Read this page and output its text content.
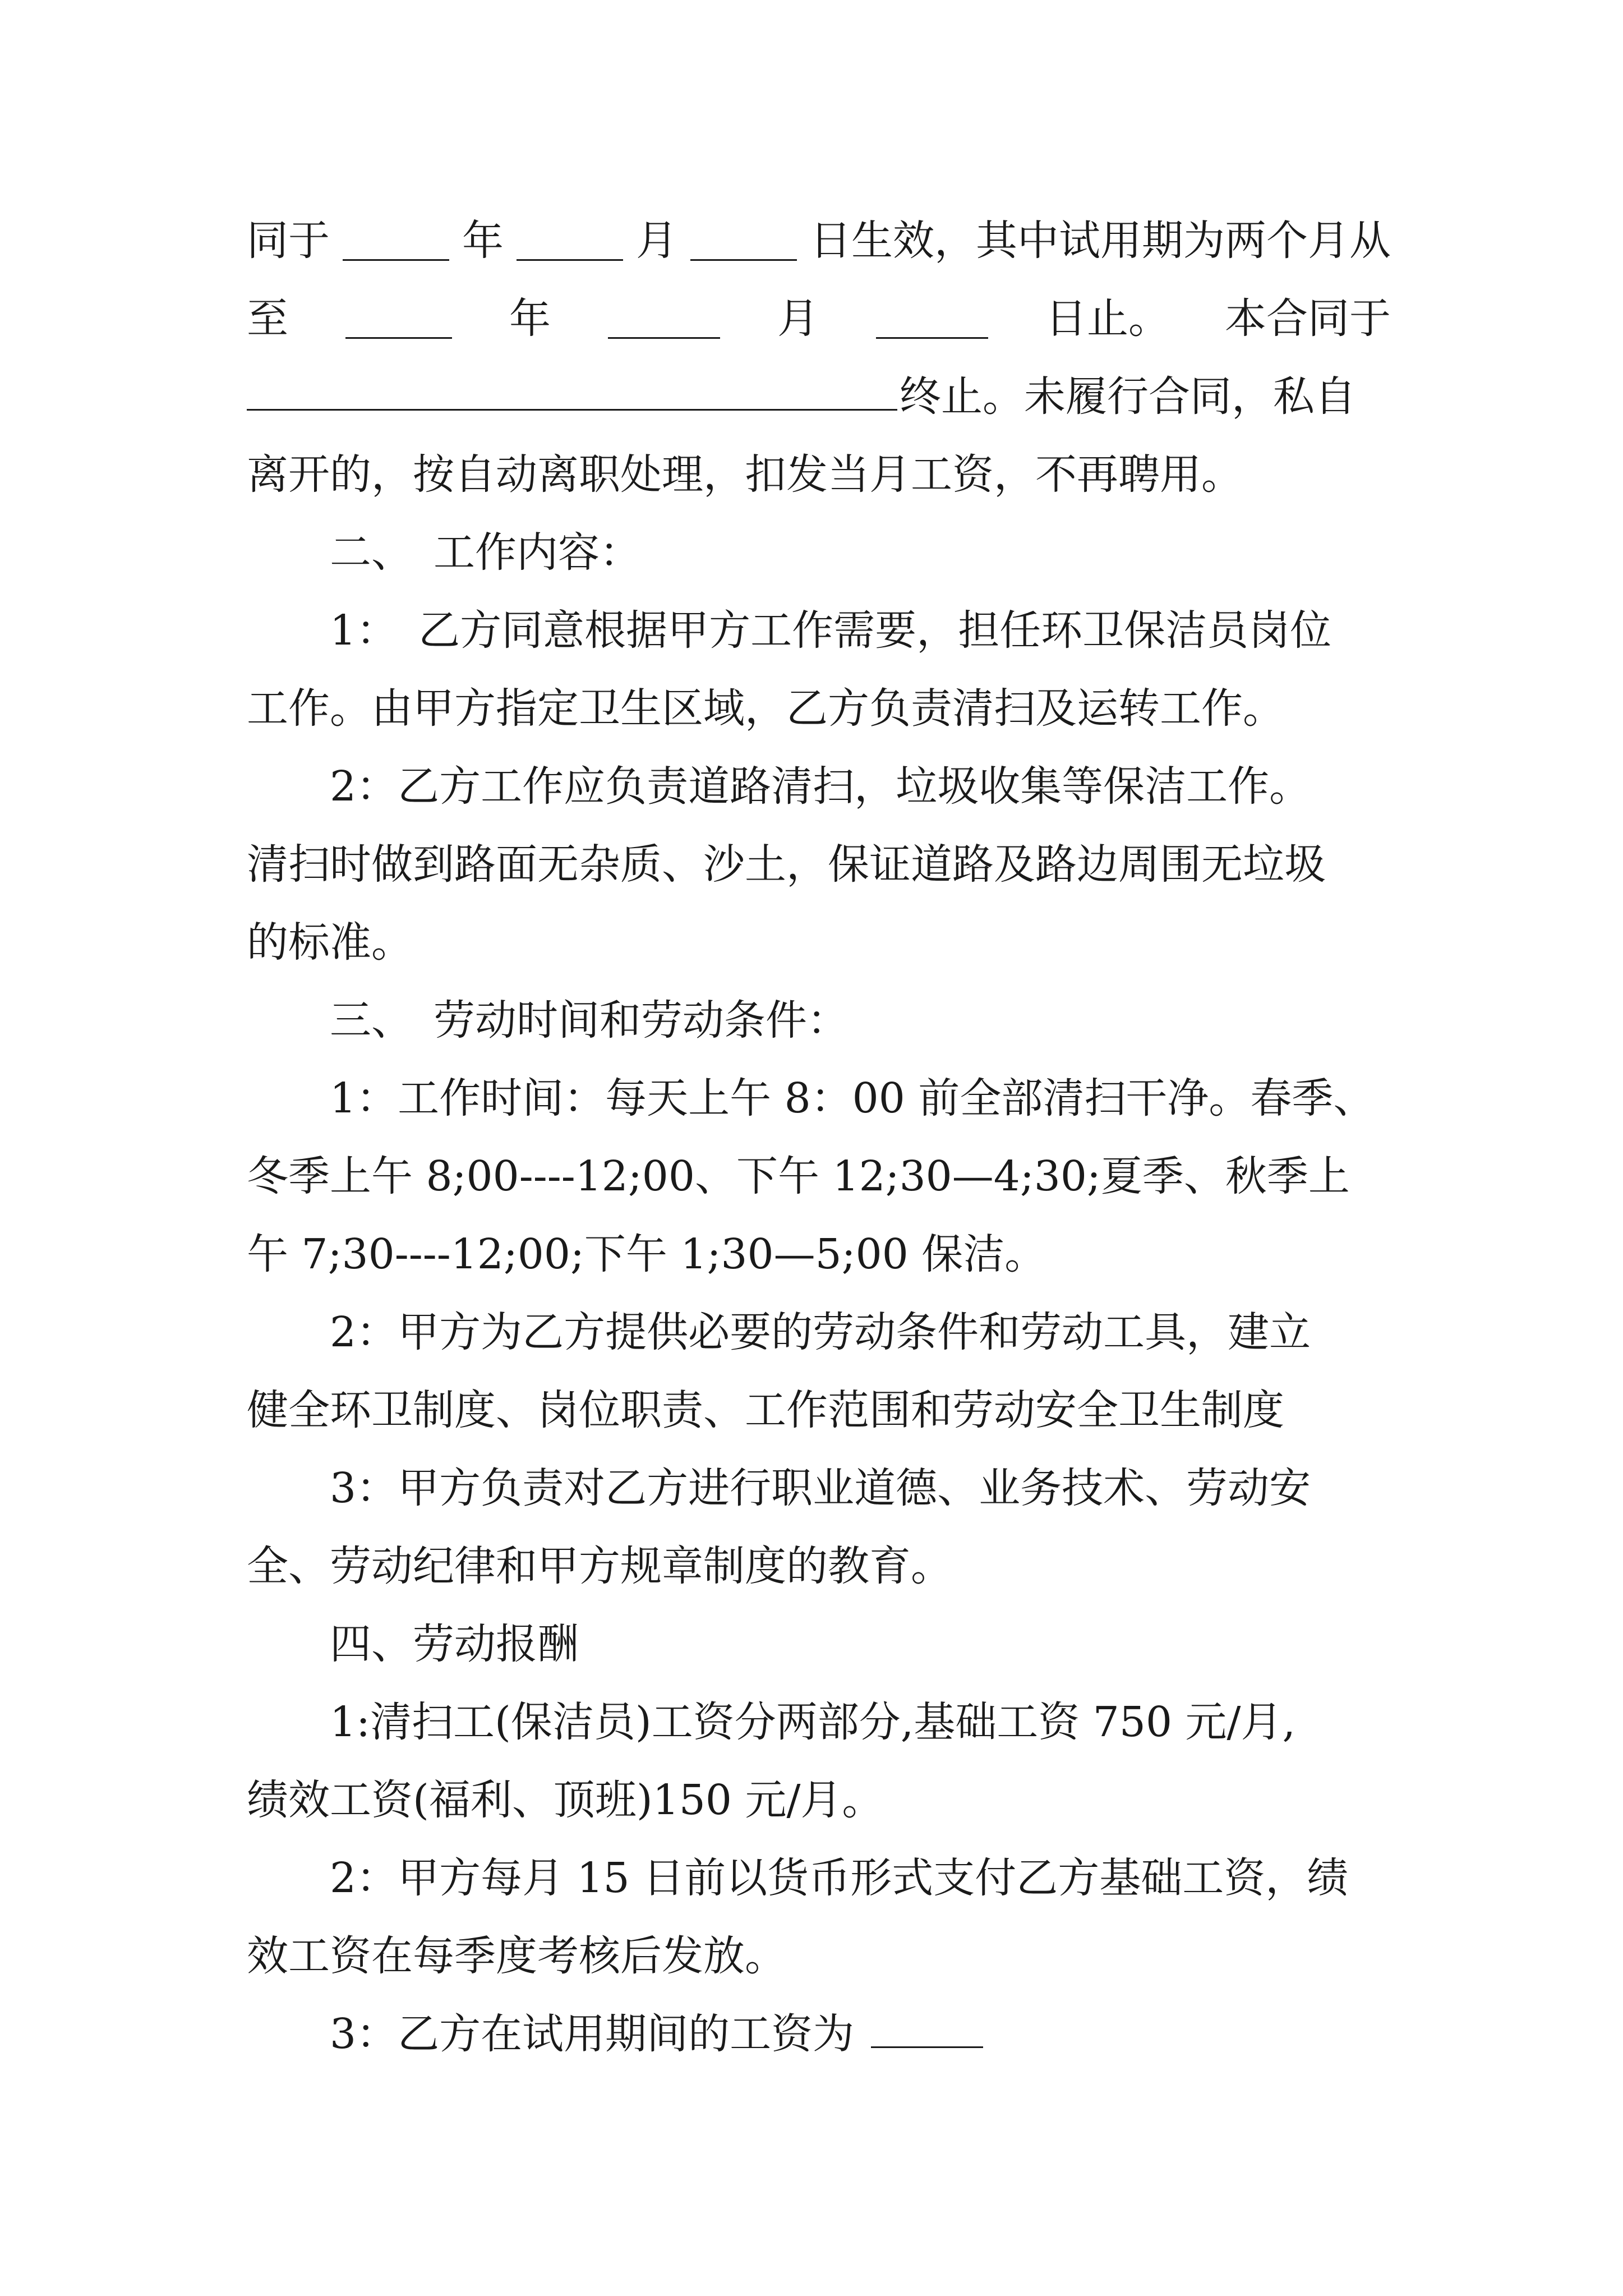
同于	年	月	日生效，其中试用期为两个月从
至	年	月	日止。 本合同于
终止。未履行合同，私自
离开的，按自动离职处理，扣发当月工资，不再聘用。
二、　工作内容：
1：　乙方同意根据甲方工作需要，担任环卫保洁员岗位
工作。由甲方指定卫生区域，乙方负责清扫及运转工作。
2：乙方工作应负责道路清扫，垃圾收集等保洁工作。
清扫时做到路面无杂质、沙土，保证道路及路边周围无垃圾
的标准。
三、　劳动时间和劳动条件：
1：工作时间：每天上午 8：00 前全部清扫干净。春季、
冬季上午 8;00----12;00、下午 12;30—4;30;夏季、秋季上
午 7;30----12;00;下午 1;30—5;00 保洁。
2：甲方为乙方提供必要的劳动条件和劳动工具，建立
健全环卫制度、岗位职责、工作范围和劳动安全卫生制度
3：甲方负责对乙方进行职业道德、业务技术、劳动安
全、劳动纪律和甲方规章制度的教育。
四、劳动报酬
1:清扫工(保洁员)工资分两部分,基础工资 750 元/月,
绩效工资(福利、顶班)150 元/月。
2：甲方每月 15 日前以货币形式支付乙方基础工资，绩
效工资在每季度考核后发放。
3：乙方在试用期间的工资为
